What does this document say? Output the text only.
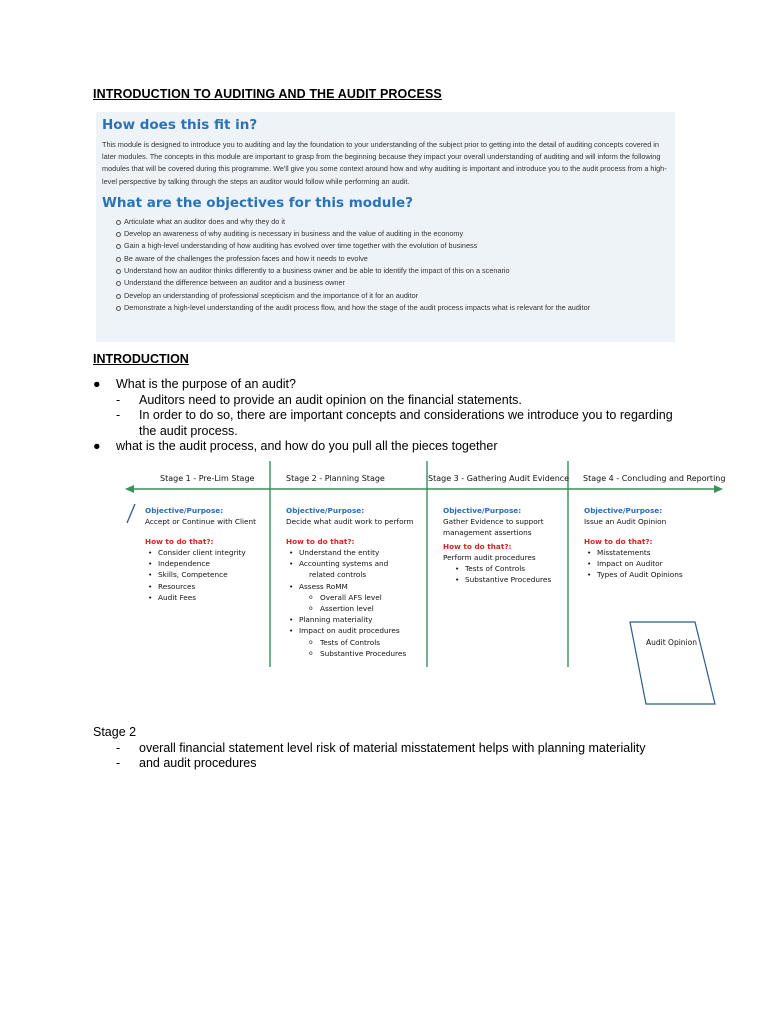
INTRODUCTION TO AUDITING AND THE AUDIT PROCESS
How does this fit in?

This module is designed to introduce you to auditing and lay the foundation to your understanding of the subject prior to getting into the detail of auditing concepts covered in later modules. The concepts in this module are important to grasp from the beginning because they impact your overall understanding of auditing and will inform the following modules that will be covered during this programme. We'll give you some context around how and why auditing is important and introduce you to the audit process from a high-level perspective by talking through the steps an auditor would follow while performing an audit.

What are the objectives for this module?
Articulate what an auditor does and why they do it
Develop an awareness of why auditing is necessary in business and the value of auditing in the economy
Gain a high-level understanding of how auditing has evolved over time together with the evolution of business
Be aware of the challenges the profession faces and how it needs to evolve
Understand how an auditor thinks differently to a business owner and be able to identify the impact of this on a scenario
Understand the difference between an auditor and a business owner
Develop an understanding of professional scepticism and the importance of it for an auditor
Demonstrate a high-level understanding of the audit process flow, and how the stage of the audit process impacts what is relevant for the auditor
INTRODUCTION
● What is the purpose of an audit?
- Auditors need to provide an audit opinion on the financial statements.
- In order to do so, there are important concepts and considerations we introduce you to regarding the audit process.
● what is the audit process, and how do you pull all the pieces together
Stage 1 - Pre-Lim Stage	Stage 2 - Planning Stage	Stage 3 - Gathering Audit Evidence Stage 4 - Concluding and Reporting
Objective/Purpose:
Accept or Continue with Client
How to do that?:
• Consider client integrity
• Independence
• Skills, Competence
• Resources
• Audit Fees
Objective/Purpose:
Decide what audit work to perform
How to do that?:
• Understand the entity
• Accounting systems and
related controls
• Assess RoMM
o Overall AFS level
o Assertion level
• Planning materiality
• Impact on audit procedures
o Tests of Controls
o Substantive Procedures
Objective/Purpose:
Gather Evidence to support
management assertions
How to do that?:
Perform audit procedures
• Tests of Controls
• Substantive Procedures
Objective/Purpose:
Issue an Audit Opinion
How to do that?:
• Misstatements
• Impact on Auditor
• Types of Audit Opinions
Audit Opinion
Stage 2
- overall financial statement level risk of material misstatement helps with planning materiality
- and audit procedures
